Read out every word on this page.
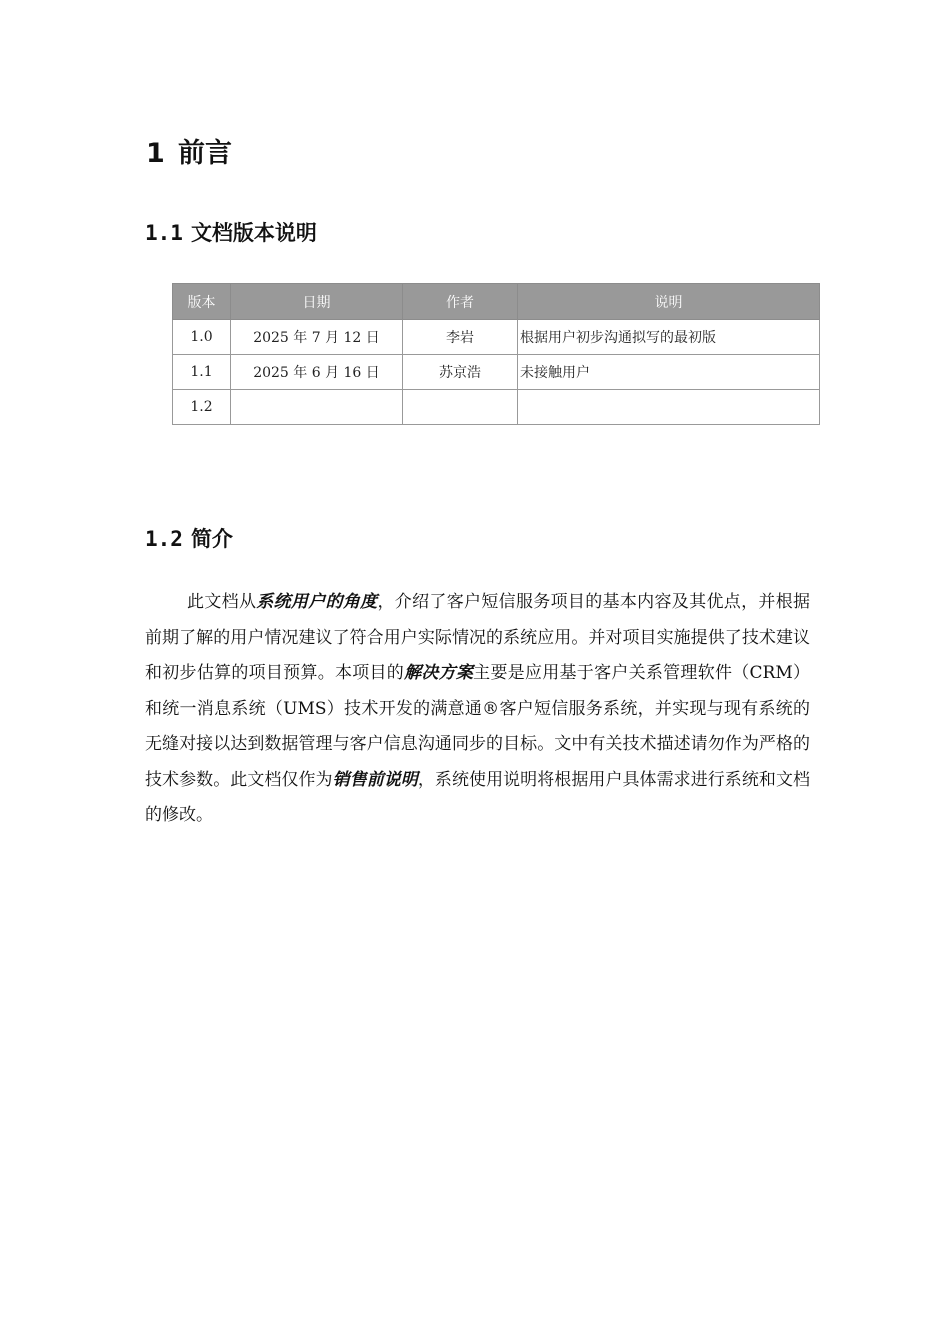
1 前言
1.1 文档版本说明
版本	日期	作者	说明
1.0	2025 年 7 月 12 日	李岩	根据用户初步沟通拟写的最初版
1.1	2025 年 6 月 16 日	苏京浩	未接触用户
1.2			
1.2 简介

此文档从系统用户的角度，介绍了客户短信服务项目的基本内容及其优点，并根据前期了解的用户情况建议了符合用户实际情况的系统应用。并对项目实施提供了技术建议和初步估算的项目预算。本项目的解决方案主要是应用基于客户关系管理软件（CRM）和统一消息系统（UMS）技术开发的满意通®客户短信服务系统，并实现与现有系统的无缝对接以达到数据管理与客户信息沟通同步的目标。文中有关技术描述请勿作为严格的技术参数。此文档仅作为销售前说明，系统使用说明将根据用户具体需求进行系统和文档的修改。
